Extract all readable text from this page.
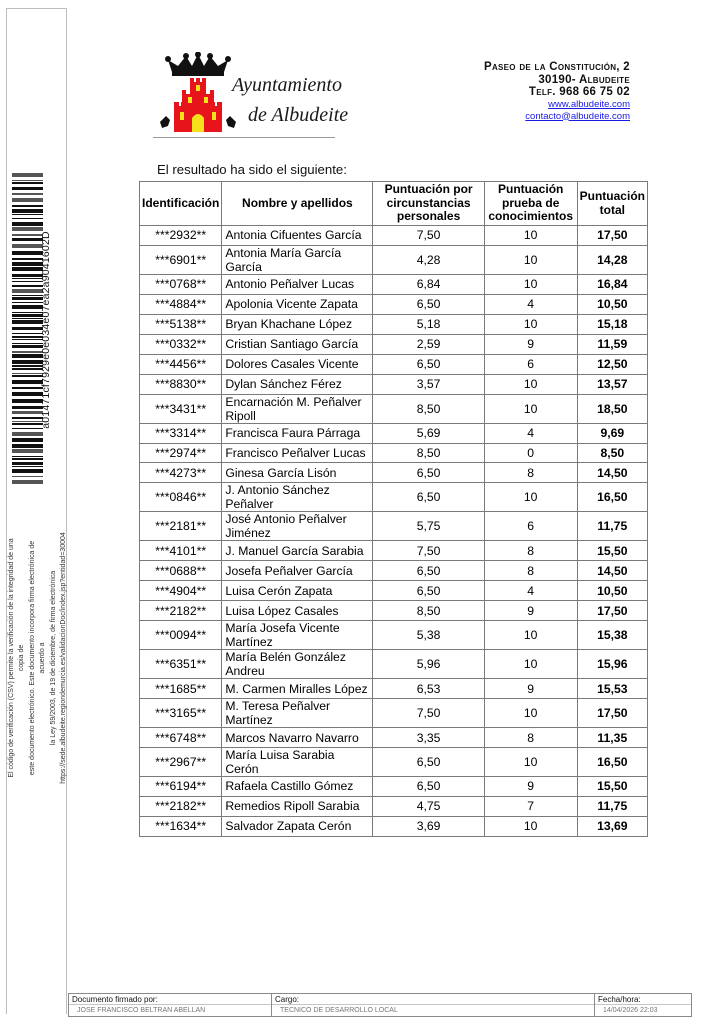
a01471cf7929e0e034e07ea2a9041602D
El código de verificación (CSV) permite la verificación de la integridad de una copia de este documento electrónico. Este documento incorpora firma electrónica de acuerdo a la Ley 59/2003, de 19 de diciembre, de firma electrónica https://sede.albudeite.regiondemurcia.es/validacionDoc/index.jsp?entidad=30004
Ayuntamiento
de Albudeite
Paseo de la Constitución, 2
30190- Albudeite
Telf. 968 66 75 02
www.albudeite.com
contacto@albudeite.com
El resultado ha sido el siguiente:
Identificación	Nombre y apellidos	Puntuación por circunstancias personales	Puntuación prueba de conocimientos	Puntuación total
***2932**	Antonia Cifuentes García	7,50	10	17,50
***6901**	Antonia María García García	4,28	10	14,28
***0768**	Antonio Peñalver Lucas	6,84	10	16,84
***4884**	Apolonia Vicente Zapata	6,50	4	10,50
***5138**	Bryan Khachane López	5,18	10	15,18
***0332**	Cristian Santiago García	2,59	9	11,59
***4456**	Dolores Casales Vicente	6,50	6	12,50
***8830**	Dylan Sánchez Férez	3,57	10	13,57
***3431**	Encarnación M. Peñalver Ripoll	8,50	10	18,50
***3314**	Francisca Faura Párraga	5,69	4	9,69
***2974**	Francisco Peñalver Lucas	8,50	0	8,50
***4273**	Ginesa García Lisón	6,50	8	14,50
***0846**	J. Antonio Sánchez Peñalver	6,50	10	16,50
***2181**	José Antonio Peñalver Jiménez	5,75	6	11,75
***4101**	J. Manuel García Sarabia	7,50	8	15,50
***0688**	Josefa Peñalver García	6,50	8	14,50
***4904**	Luisa Cerón Zapata	6,50	4	10,50
***2182**	Luisa López Casales	8,50	9	17,50
***0094**	María Josefa Vicente Martínez	5,38	10	15,38
***6351**	María Belén González Andreu	5,96	10	15,96
***1685**	M. Carmen Miralles López	6,53	9	15,53
***3165**	M. Teresa Peñalver Martínez	7,50	10	17,50
***6748**	Marcos Navarro Navarro	3,35	8	11,35
***2967**	María Luisa Sarabia Cerón	6,50	10	16,50
***6194**	Rafaela Castillo Gómez	6,50	9	15,50
***2182**	Remedios Ripoll Sarabia	4,75	7	11,75
***1634**	Salvador Zapata Cerón	3,69	10	13,69
Documento firmado por:
JOSE FRANCISCO BELTRAN ABELLAN
Cargo:
TECNICO DE DESARROLLO LOCAL
Fecha/hora:
14/04/2026 22:03
